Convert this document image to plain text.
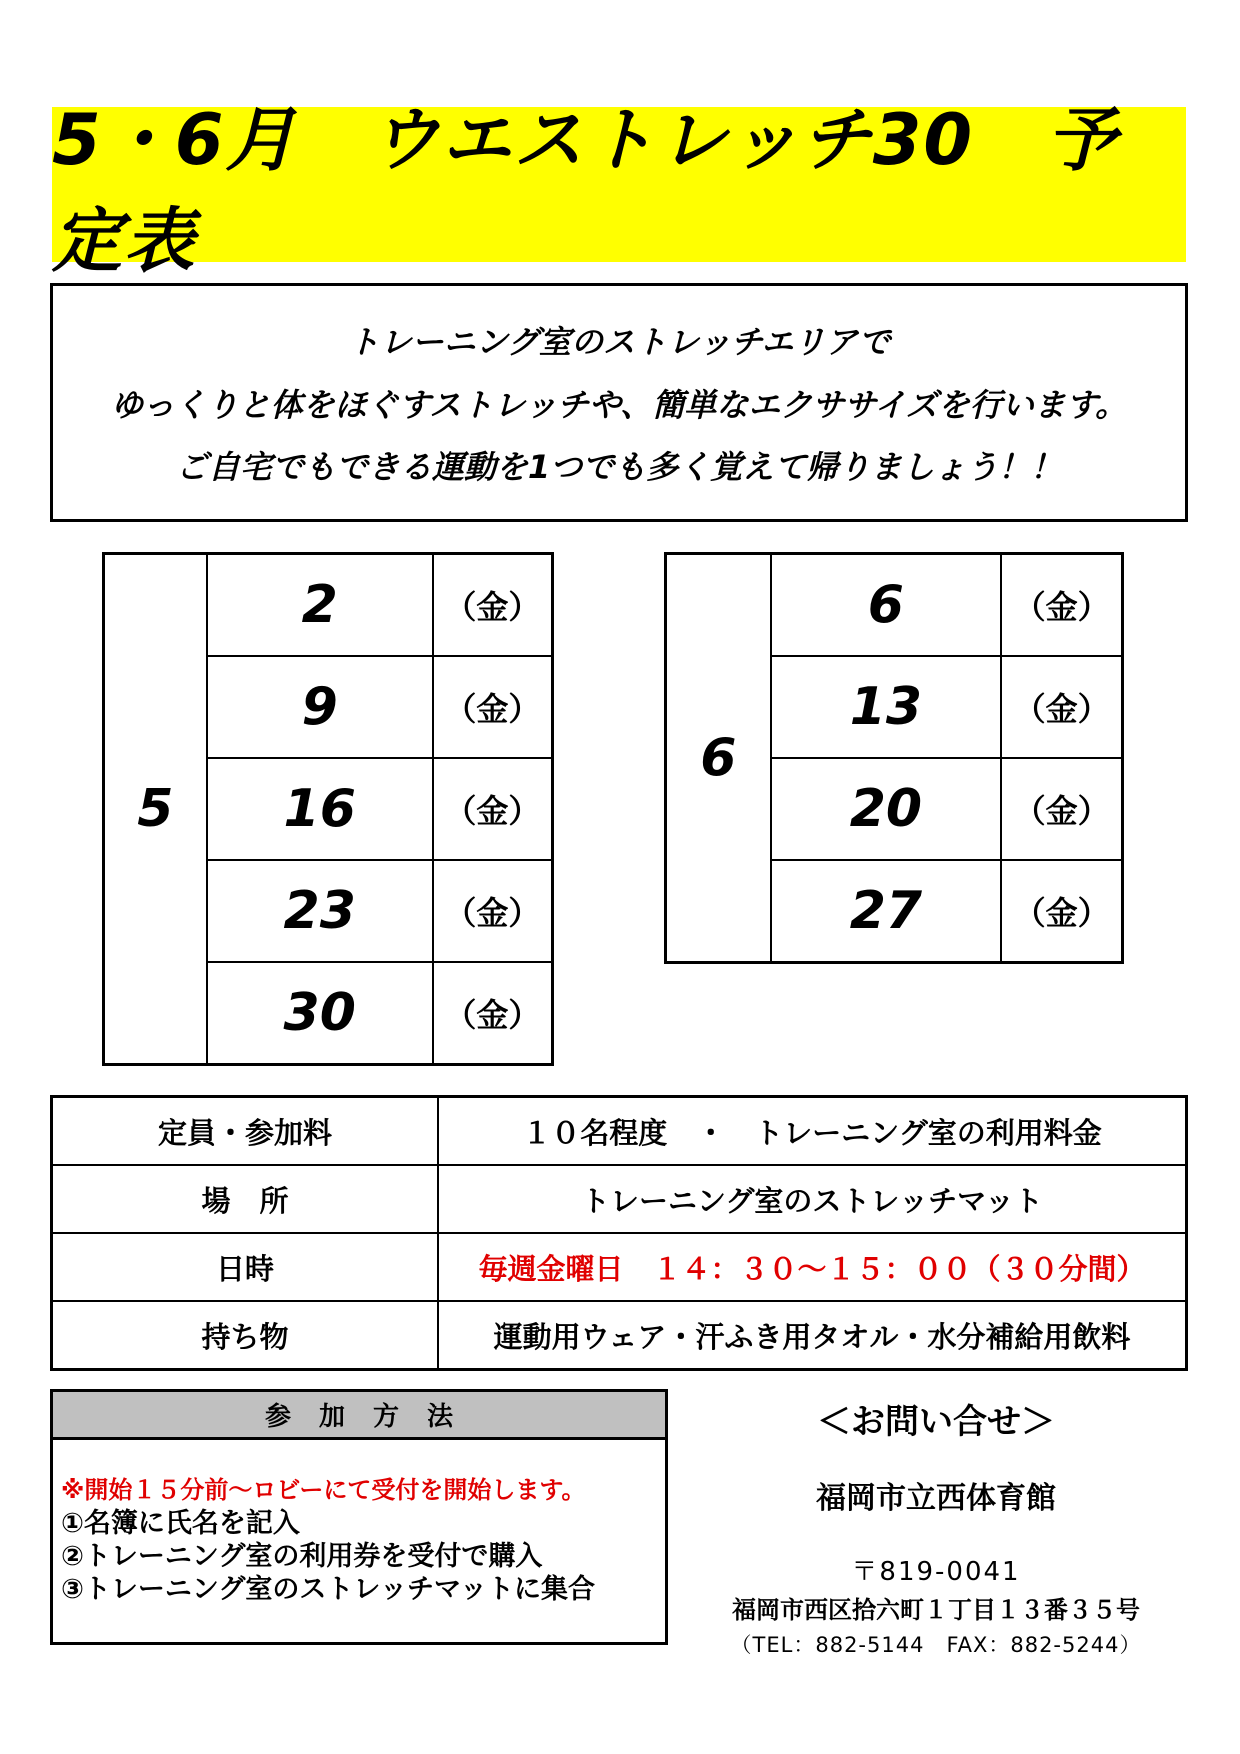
5・6月　ウエストレッチ30　予定表

トレーニング室のストレッチエリアで

ゆっくりと体をほぐすストレッチや、簡単なエクササイズを行います。

ご自宅でもできる運動を1つでも多く覚えて帰りましょう！！

5	2	（金）
	9	（金）
	16	（金）
	23	（金）
	30	（金）
6	6	（金）
	13	（金）
	20	（金）
	27	（金）
定員・参加料	１０名程度　・　トレーニング室の利用料金
場　所	トレーニング室のストレッチマット
日時	毎週金曜日　１４：３０～１５：００（３０分間）
持ち物	運動用ウェア・汗ふき用タオル・水分補給用飲料
参加方法
※開始１５分前～ロビーにて受付を開始します。
①名簿に氏名を記入
②トレーニング室の利用券を受付で購入
③トレーニング室のストレッチマットに集合
＜お問い合せ＞
福岡市立西体育館
〒819-0041
福岡市西区拾六町１丁目１３番３５号
（TEL：882-5144　FAX：882-5244）
